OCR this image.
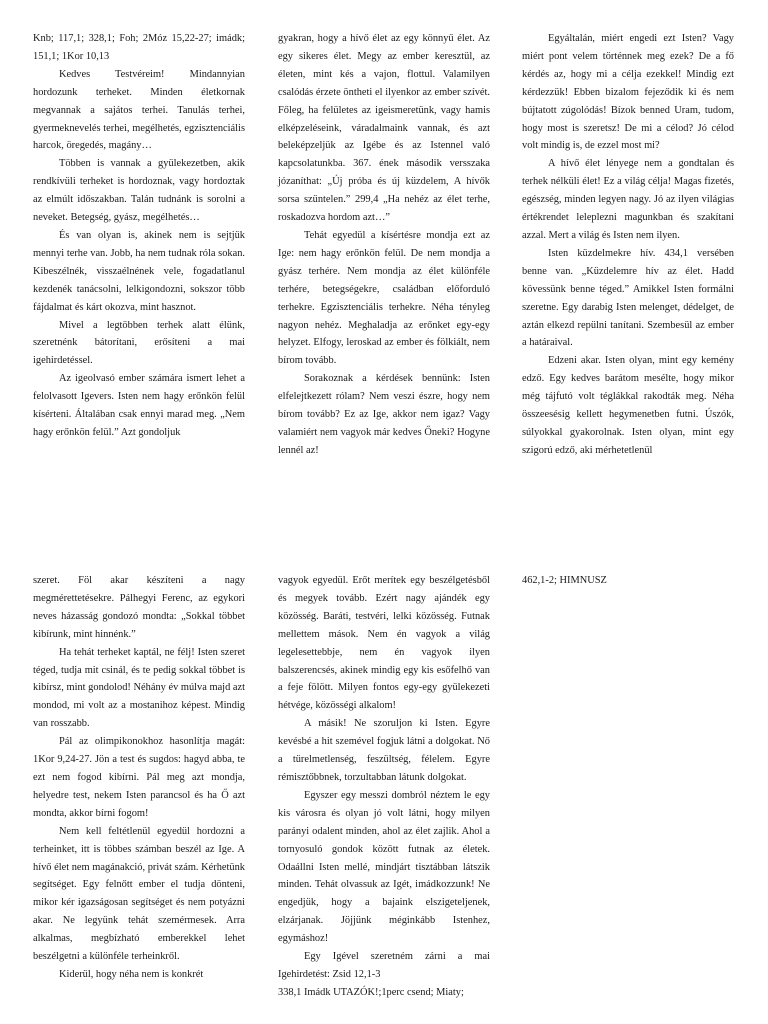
Knb; 117,1; 328,1; Foh; 2Móz 15,22-27; imádk; 151,1; 1Kor 10,13

Kedves Testvéreim! Mindannyian hordozunk terheket. Minden életkornak megvannak a sajátos terhei. Tanulás terhei, gyermeknevelés terhei, megélhetés, egzisztenciális harcok, öregedés, magány…

Többen is vannak a gyülekezetben, akik rendkívüli terheket is hordoznak, vagy hordoztak az elmúlt időszakban. Talán tudnánk is sorolni a neveket. Betegség, gyász, megélhetés…

És van olyan is, akinek nem is sejtjük mennyi terhe van. Jobb, ha nem tudnak róla sokan. Kibeszélnék, visszaélnének vele, fogadatlanul kezdenék tanácsolni, lelkigondozni, sokszor több fájdalmat és kárt okozva, mint hasznot.

Mivel a legtöbben terhek alatt élünk, szeretnénk bátorítani, erősíteni a mai igehirdetéssel.

Az igeolvasó ember számára ismert lehet a felolvasott Igevers. Isten nem hagy erőnkön felül kísérteni. Általában csak ennyi marad meg. „Nem hagy erőnkön felül.” Azt gondoljuk

gyakran, hogy a hívő élet az egy könnyű élet. Az egy sikeres élet. Megy az ember keresztül, az életen, mint kés a vajon, flottul. Valamilyen csalódás érzete öntheti el ilyenkor az ember szívét. Főleg, ha felületes az igeismeretünk, vagy hamis elképzeléseink, váradalmaink vannak, és azt beleképzeljük az Igébe és az Istennel való kapcsolatunkba. 367. ének második versszaka józaníthat: „Új próba és új küzdelem, A hívők sorsa szüntelen.” 299,4 „Ha nehéz az élet terhe, roskadozva hordom azt…”

Tehát egyedül a kísértésre mondja ezt az Ige: nem hagy erőnkön felül. De nem mondja a gyász terhére. Nem mondja az élet különféle terhére, betegségekre, családban előforduló terhekre. Egzisztenciális terhekre. Néha tényleg nagyon nehéz. Meghaladja az erőnket egy-egy helyzet. Elfogy, leroskad az ember és fölkiált, nem bírom tovább.

Sorakoznak a kérdések bennünk: Isten elfelejtkezett rólam? Nem veszi észre, hogy nem bírom tovább? Ez az Ige, akkor nem igaz? Vagy valamiért nem vagyok már kedves Őneki? Hogyne lennél az!

Egyáltalán, miért engedi ezt Isten? Vagy miért pont velem történnek meg ezek? De a fő kérdés az, hogy mi a célja ezekkel! Mindig ezt kérdezzük! Ebben bizalom fejeződik ki és nem bújtatott zúgolódás! Bízok benned Uram, tudom, hogy most is szeretsz! De mi a célod? Jó célod volt mindig is, de ezzel most mi?

A hívő élet lényege nem a gondtalan és terhek nélküli élet! Ez a világ célja! Magas fizetés, egészség, minden legyen nagy. Jó az ilyen világias értékrendet leleplezni magunkban és szakítani azzal. Mert a világ és Isten nem ilyen.

Isten küzdelmekre hív. 434,1 versében benne van. „Küzdelemre hív az élet. Hadd kövessünk benne téged.” Amikkel Isten formálni szeretne. Egy darabig Isten melenget, dédelget, de aztán elkezd repülni tanítani. Szembesül az ember a határaival.

Edzeni akar. Isten olyan, mint egy kemény edző. Egy kedves barátom mesélte, hogy mikor még tájfutó volt téglákkal rakodták meg. Néha összeesésig kellett hegymenetben futni. Úszók, súlyokkal gyakorolnak. Isten olyan, mint egy szigorú edző, aki mérhetetlenül

szeret. Föl akar készíteni a nagy megmérettetésekre. Pálhegyi Ferenc, az egykori neves házasság gondozó mondta: „Sokkal többet kibírunk, mint hinnénk.”

Ha tehát terheket kaptál, ne félj! Isten szeret téged, tudja mit csinál, és te pedig sokkal többet is kibírsz, mint gondolod! Néhány év múlva majd azt mondod, mi volt az a mostanihoz képest. Mindig van rosszabb.

Pál az olimpikonokhoz hasonlítja magát: 1Kor 9,24-27. Jön a test és sugdos: hagyd abba, te ezt nem fogod kibírni. Pál meg azt mondja, helyedre test, nekem Isten parancsol és ha Ő azt mondta, akkor bírni fogom!

Nem kell feltétlenül egyedül hordozni a terheinket, itt is többes számban beszél az Ige. A hívő élet nem magánakció, privát szám. Kérhetünk segítséget. Egy felnőtt ember el tudja dönteni, mikor kér igazságosan segítséget és nem potyázni akar. Ne legyünk tehát szemérmesek. Arra alkalmas, megbízható emberekkel lehet beszélgetni a különféle terheinkről.

Kiderül, hogy néha nem is konkrét

vagyok egyedül. Erőt merítek egy beszélgetésből és megyek tovább. Ezért nagy ajándék egy közösség. Baráti, testvéri, lelki közösség. Futnak mellettem mások. Nem én vagyok a világ legelesettebbje, nem én vagyok ilyen balszerencsés, akinek mindig egy kis esőfelhő van a feje fölött. Milyen fontos egy-egy gyülekezeti hétvége, közösségi alkalom!

A másik! Ne szoruljon ki Isten. Egyre kevésbé a hit szemével fogjuk látni a dolgokat. Nő a türelmetlenség, feszültség, félelem. Egyre rémisztőbbnek, torzultabban látunk dolgokat.

Egyszer egy messzi dombról néztem le egy kis városra és olyan jó volt látni, hogy milyen parányi odalent minden, ahol az élet zajlik. Ahol a tornyosuló gondok között futnak az életek. Odaállni Isten mellé, mindjárt tisztábban látszik minden. Tehát olvassuk az Igét, imádkozzunk! Ne engedjük, hogy a bajaink elszigeteljenek, elzárjanak. Jöjjünk méginkább Istenhez, egymáshoz!

Egy Igével szeretném zárni a mai Igehirdetést: Zsid 12,1-3

338,1 Imádk UTAZÓK!;1perc csend; Miaty;

462,1-2; HIMNUSZ
